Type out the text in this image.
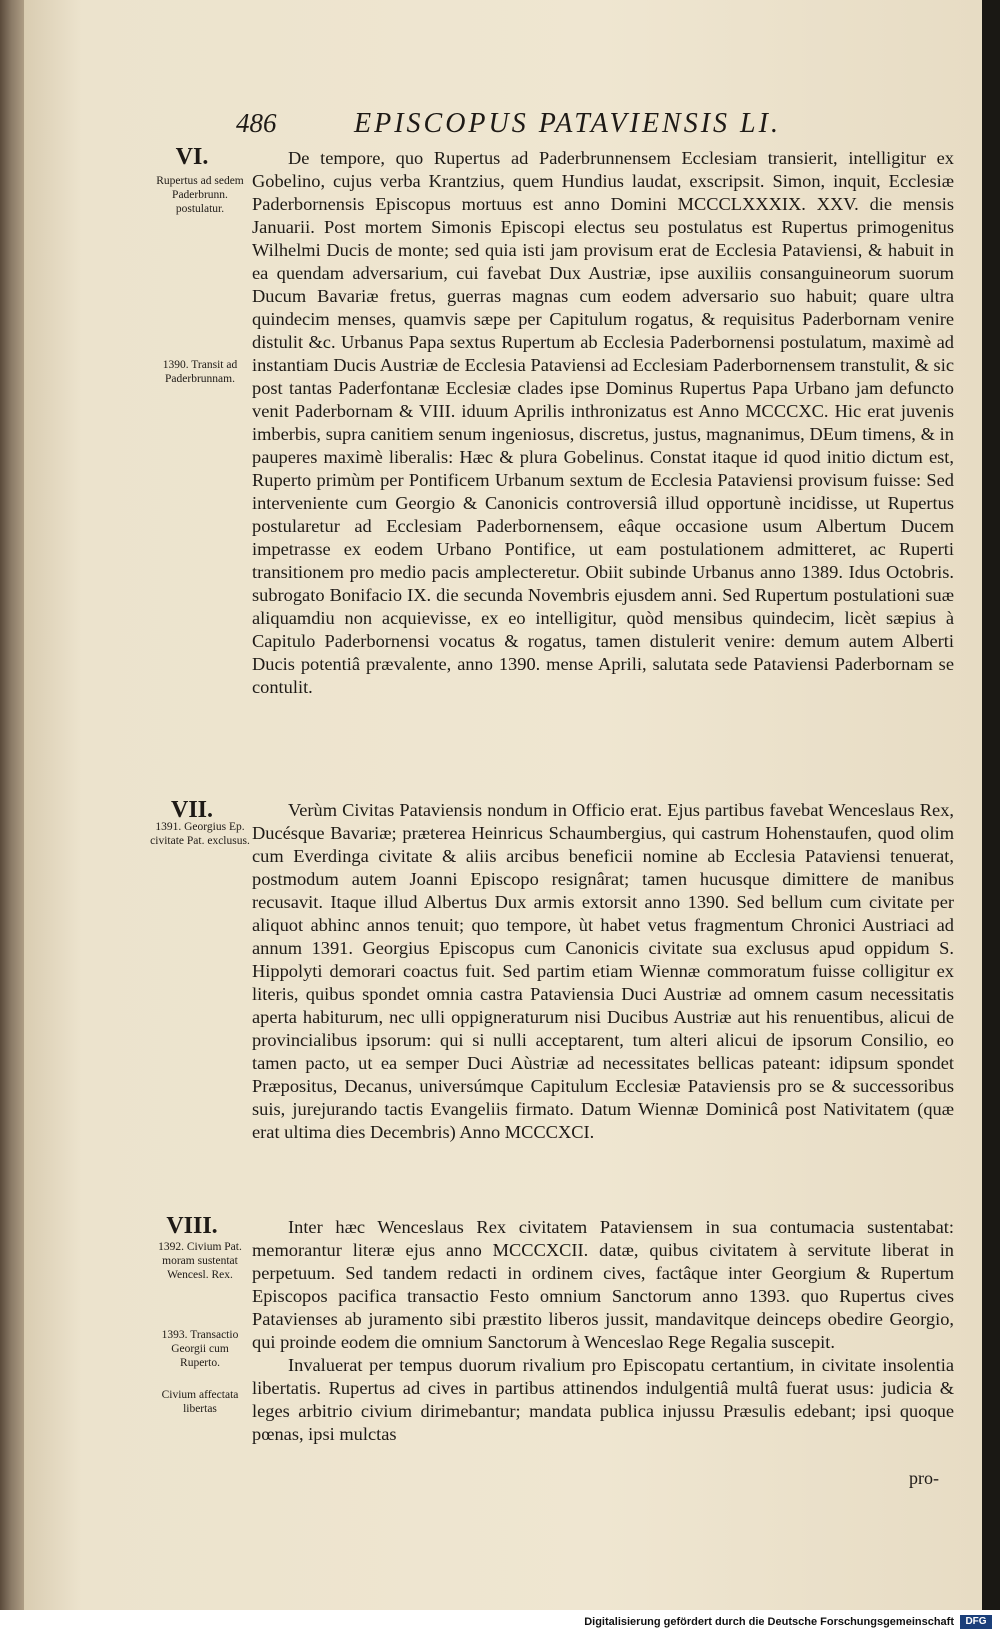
486	EPISCOPUS PATAVIENSIS LI.
VI.
Rupertus ad sedem Paderbrunn. postulatur.
1390. Transit ad Paderbrunnam.

De tempore, quo Rupertus ad Paderbrunnensem Ecclesiam transierit, intelligitur ex Gobelino, cujus verba Krantzius, quem Hundius laudat, exscripsit. Simon, inquit, Ecclesiæ Paderbornensis Episcopus mortuus est anno Domini MCCCLXXXIX. XXV. die mensis Januarii. Post mortem Simonis Episcopi electus seu postulatus est Rupertus primogenitus Wilhelmi Ducis de monte; sed quia isti jam provisum erat de Ecclesia Pataviensi, & habuit in ea quendam adversarium, cui favebat Dux Austriæ, ipse auxiliis consanguineorum suorum Ducum Bavariæ fretus, guerras magnas cum eodem adversario suo habuit; quare ultra quindecim menses, quamvis sæpe per Capitulum rogatus, & requisitus Paderbornam venire distulit &c. Urbanus Papa sextus Rupertum ab Ecclesia Paderbornensi postulatum, maximè ad instantiam Ducis Austriæ de Ecclesia Pataviensi ad Ecclesiam Paderbornensem transtulit, & sic post tantas Paderfontanæ Ecclesiæ clades ipse Dominus Rupertus Papa Urbano jam defuncto venit Paderbornam & VIII. iduum Aprilis inthronizatus est Anno MCCCXC. Hic erat juvenis imberbis, supra canitiem senum ingeniosus, discretus, justus, magnanimus, DEum timens, & in pauperes maximè liberalis: Hæc & plura Gobelinus. Constat itaque id quod initio dictum est, Ruperto primùm per Pontificem Urbanum sextum de Ecclesia Pataviensi provisum fuisse: Sed interveniente cum Georgio & Canonicis controversiâ illud opportunè incidisse, ut Rupertus postularetur ad Ecclesiam Paderbornensem, eâque occasione usum Albertum Ducem impetrasse ex eodem Urbano Pontifice, ut eam postulationem admitteret, ac Ruperti transitionem pro medio pacis amplecteretur. Obiit subinde Urbanus anno 1389. Idus Octobris. subrogato Bonifacio IX. die secunda Novembris ejusdem anni. Sed Rupertum postulationi suæ aliquamdiu non acquievisse, ex eo intelligitur, quòd mensibus quindecim, licèt sæpius à Capitulo Paderbornensi vocatus & rogatus, tamen distulerit venire: demum autem Alberti Ducis potentiâ prævalente, anno 1390. mense Aprili, salutata sede Pataviensi Paderbornam se contulit.

VII.
1391. Georgius Ep. civitate Pat. exclusus.

Verùm Civitas Pataviensis nondum in Officio erat. Ejus partibus favebat Wenceslaus Rex, Ducésque Bavariæ; præterea Heinricus Schaumbergius, qui castrum Hohenstaufen, quod olim cum Everdinga civitate & aliis arcibus beneficii nomine ab Ecclesia Pataviensi tenuerat, postmodum autem Joanni Episcopo resignârat; tamen hucusque dimittere de manibus recusavit. Itaque illud Albertus Dux armis extorsit anno 1390. Sed bellum cum civitate per aliquot abhinc annos tenuit; quo tempore, ùt habet vetus fragmentum Chronici Austriaci ad annum 1391. Georgius Episcopus cum Canonicis civitate sua exclusus apud oppidum S. Hippolyti demorari coactus fuit. Sed partim etiam Wiennæ commoratum fuisse colligitur ex literis, quibus spondet omnia castra Pataviensia Duci Austriæ ad omnem casum necessitatis aperta habiturum, nec ulli oppigneraturum nisi Ducibus Austriæ aut his renuentibus, alicui de provincialibus ipsorum: qui si nulli acceptarent, tum alteri alicui de ipsorum Consilio, eo tamen pacto, ut ea semper Duci Aùstriæ ad necessitates bellicas pateant: idipsum spondet Præpositus, Decanus, universúmque Capitulum Ecclesiæ Pataviensis pro se & successoribus suis, jurejurando tactis Evangeliis firmato. Datum Wiennæ Dominicâ post Nativitatem (quæ erat ultima dies Decembris) Anno MCCCXCI.

VIII.
1392. Civium Pat. moram sustentat Wencesl. Rex.
1393. Transactio Georgii cum Ruperto.
Civium affectata libertas

Inter hæc Wenceslaus Rex civitatem Pataviensem in sua contumacia sustentabat: memorantur literæ ejus anno MCCCXCII. datæ, quibus civitatem à servitute liberat in perpetuum. Sed tandem redacti in ordinem cives, factâque inter Georgium & Rupertum Episcopos pacifica transactio Festo omnium Sanctorum anno 1393. quo Rupertus cives Patavienses ab juramento sibi præstito liberos jussit, mandavitque deinceps obedire Georgio, qui proinde eodem die omnium Sanctorum à Wenceslao Rege Regalia suscepit.

Invaluerat per tempus duorum rivalium pro Episcopatu certantium, in civitate insolentia libertatis. Rupertus ad cives in partibus attinendos indulgentiâ multâ fuerat usus: judicia & leges arbitrio civium dirimebantur; mandata publica injussu Præsulis edebant; ipsi quoque pœnas, ipsi mulctas

pro-
Digitalisierung gefördert durch die Deutsche Forschungsgemeinschaft	DFG
